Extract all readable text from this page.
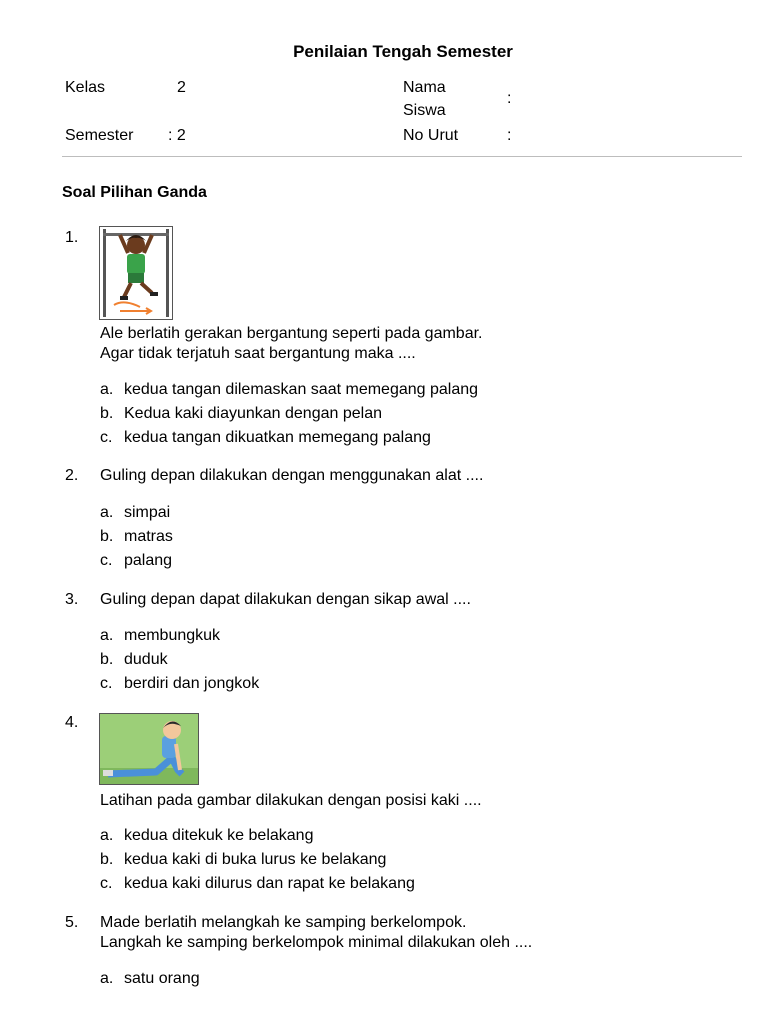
Penilaian Tengah Semester
Kelas	2
Semester : 2
Nama
Siswa
:
No Urut	:
Soal Pilihan Ganda
1.
Ale berlatih gerakan bergantung seperti pada gambar.
Agar tidak terjatuh saat bergantung maka ....
a. kedua tangan dilemaskan saat memegang palang
b. Kedua kaki diayunkan dengan pelan
c. kedua tangan dikuatkan memegang palang
2. Guling depan dilakukan dengan menggunakan alat ....
a. simpai
b. matras
c. palang
3. Guling depan dapat dilakukan dengan sikap awal ....
a. membungkuk
b. duduk
c. berdiri dan jongkok
4.
Latihan pada gambar dilakukan dengan posisi kaki ....
a. kedua ditekuk ke belakang
b. kedua kaki di buka lurus ke belakang
c. kedua kaki dilurus dan rapat ke belakang
5. Made berlatih melangkah ke samping berkelompok.
Langkah ke samping berkelompok minimal dilakukan oleh ....
a. satu orang
